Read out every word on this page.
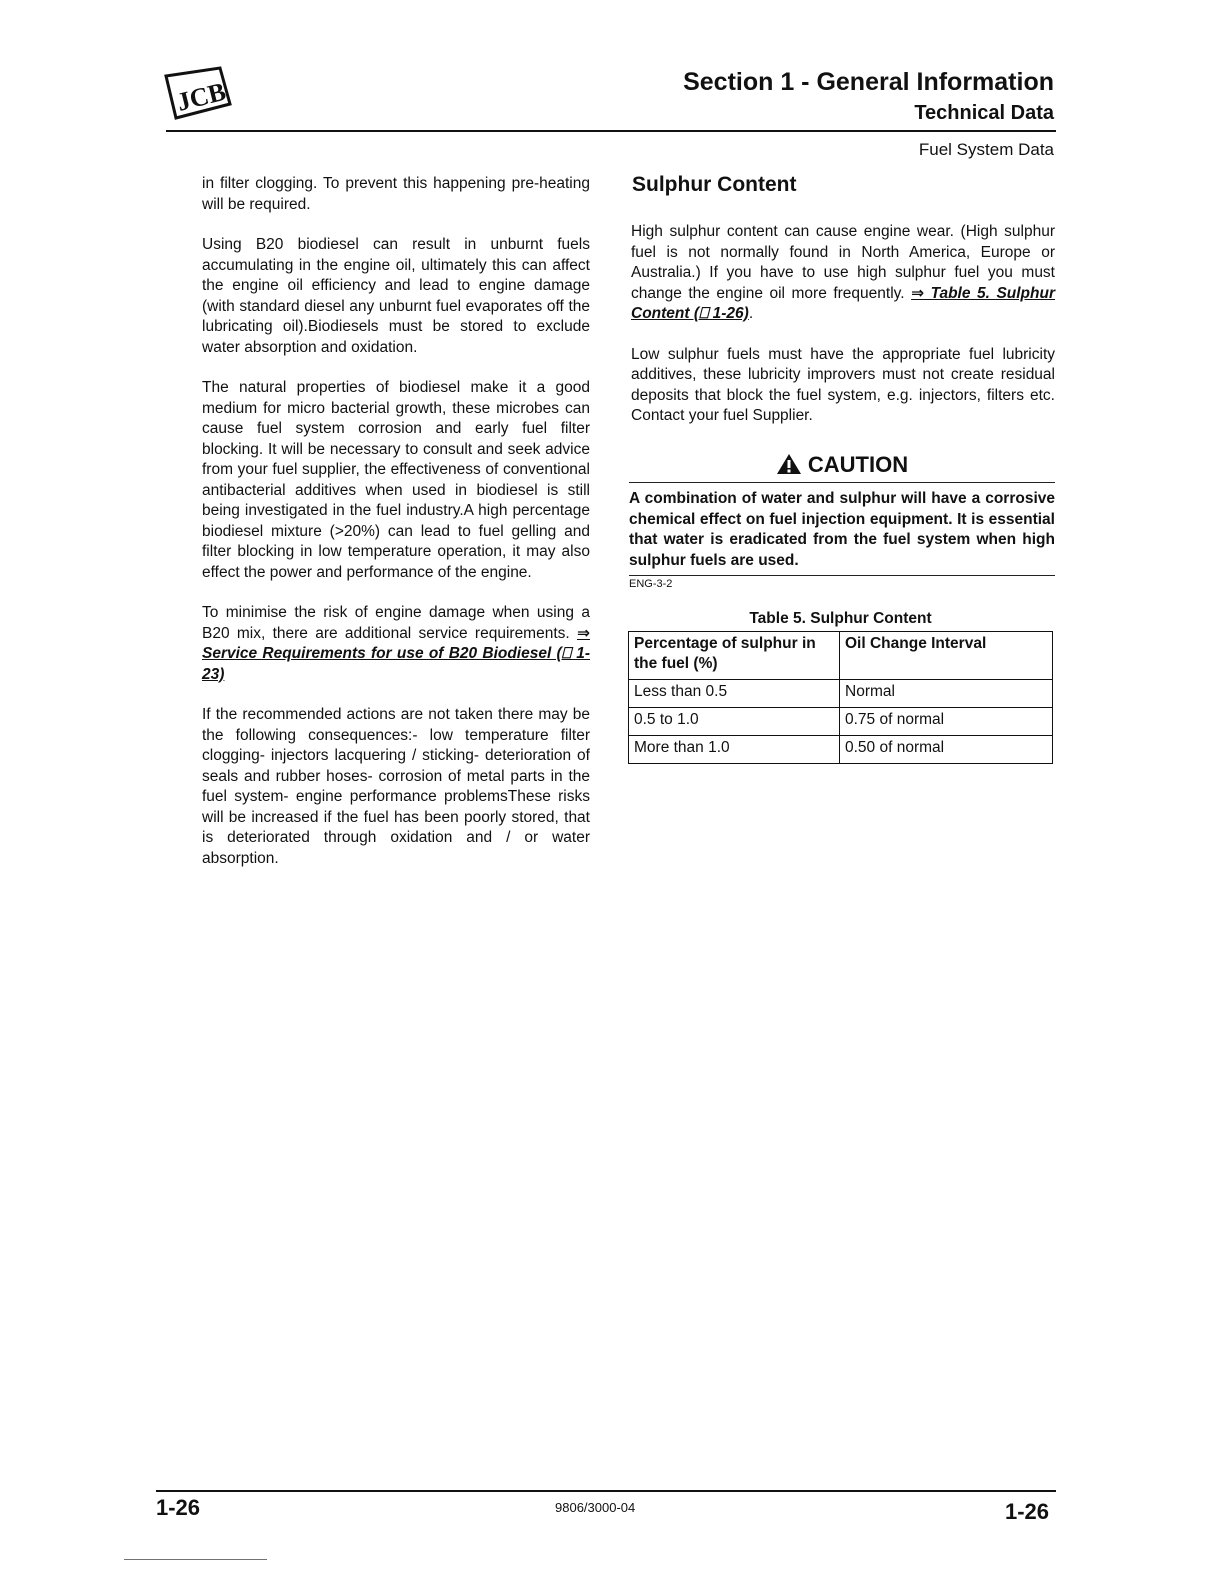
JCB	Section 1 - General Information
Technical Data
Fuel System Data

in filter clogging. To prevent this happening pre-heating will be required.

Using B20 biodiesel can result in unburnt fuels accumulating in the engine oil, ultimately this can affect the engine oil efficiency and lead to engine damage (with standard diesel any unburnt fuel evaporates off the lubricating oil).Biodiesels must be stored to exclude water absorption and oxidation.

The natural properties of biodiesel make it a good medium for micro bacterial growth, these microbes can cause fuel system corrosion and early fuel filter blocking. It will be necessary to consult and seek advice from your fuel supplier, the effectiveness of conventional antibacterial additives when used in biodiesel is still being investigated in the fuel industry.A high percentage biodiesel mixture (>20%) can lead to fuel gelling and filter blocking in low temperature operation, it may also effect the power and performance of the engine.

To minimise the risk of engine damage when using a B20 mix, there are additional service requirements. ⇒ Service Requirements for use of B20 Biodiesel (⎕ 1-23)

If the recommended actions are not taken there may be the following consequences:- low temperature filter clogging- injectors lacquering / sticking- deterioration of seals and rubber hoses- corrosion of metal parts in the fuel system- engine performance problemsThese risks will be increased if the fuel has been poorly stored, that is deteriorated through oxidation and / or water absorption.

Sulphur Content

High sulphur content can cause engine wear. (High sulphur fuel is not normally found in North America, Europe or Australia.) If you have to use high sulphur fuel you must change the engine oil more frequently. ⇒ Table 5. Sulphur Content (⎕ 1-26).

Low sulphur fuels must have the appropriate fuel lubricity additives, these lubricity improvers must not create residual deposits that block the fuel system, e.g. injectors, filters etc. Contact your fuel Supplier.

CAUTION
A combination of water and sulphur will have a corrosive chemical effect on fuel injection equipment. It is essential that water is eradicated from the fuel system when high sulphur fuels are used.
ENG-3-2
Table 5. Sulphur Content
Percentage of sulphur in the fuel (%)	Oil Change Interval
Less than 0.5	Normal
0.5 to 1.0	0.75 of normal
More than 1.0	0.50 of normal
1-26	9806/3000-04	1-26
